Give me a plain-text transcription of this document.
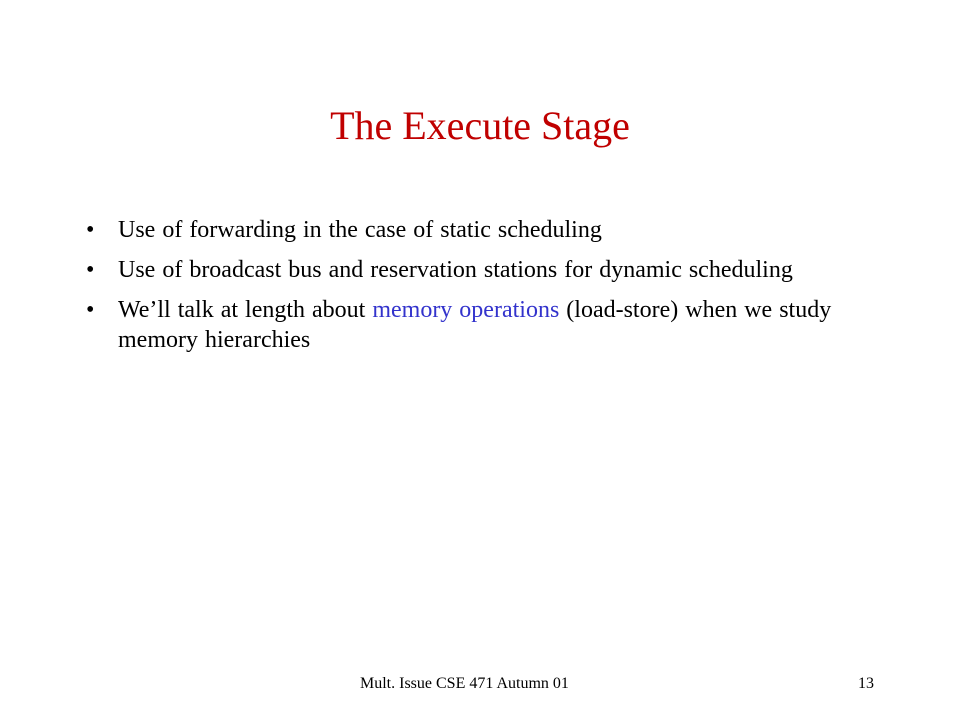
The Execute Stage
• Use of forwarding in the case of static scheduling
• Use of broadcast bus and reservation stations for dynamic scheduling
• We’ll talk at length about memory operations (load-store) when we study memory hierarchies
Mult. Issue CSE 471 Autumn 01	13
